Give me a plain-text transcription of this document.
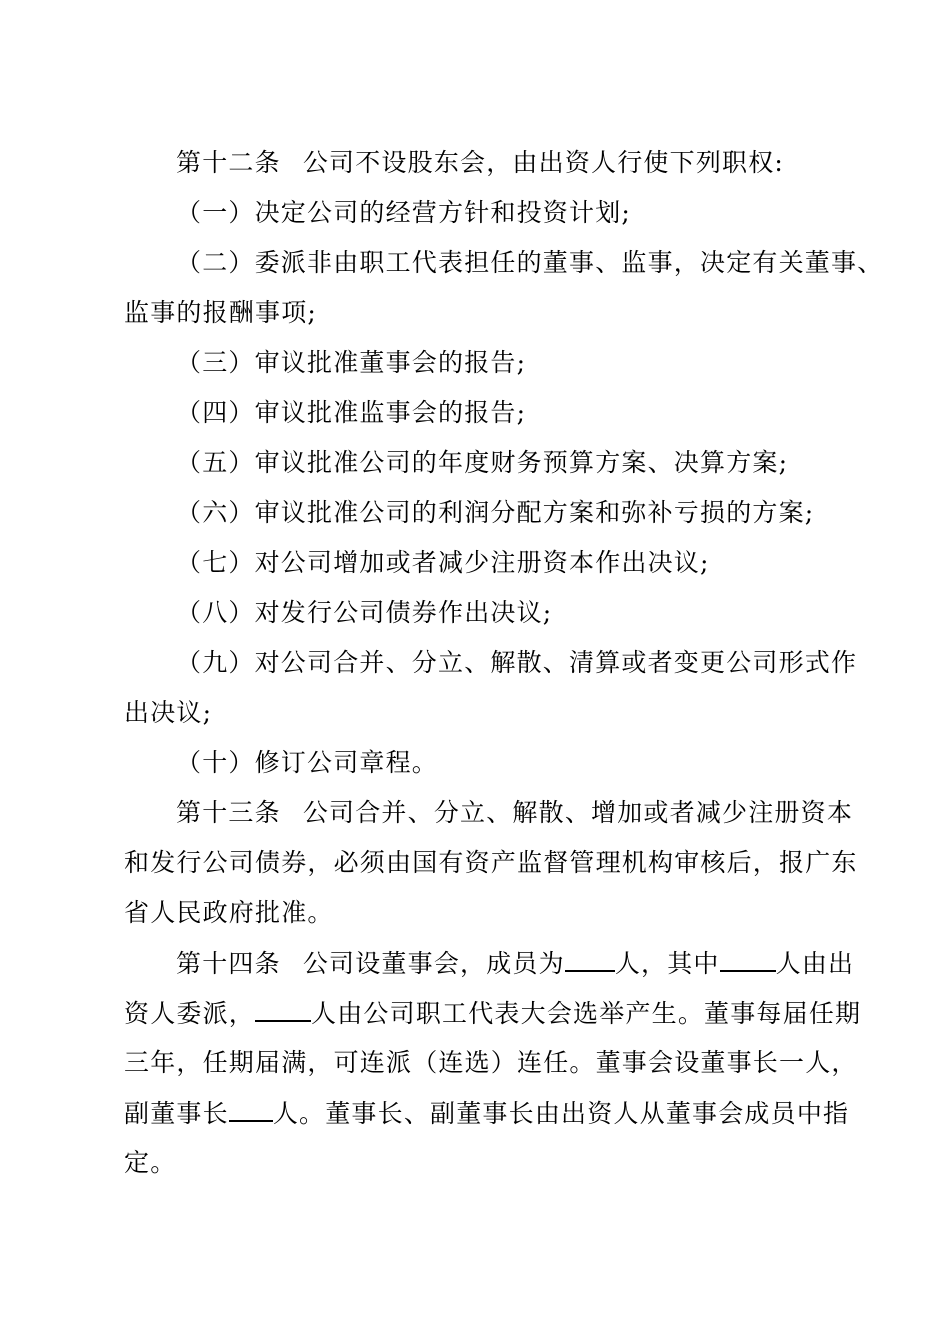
第十二条 公司不设股东会，由出资人行使下列职权:
（一）决定公司的经营方针和投资计划;
（二）委派非由职工代表担任的董事、监事，决定有关董事、
监事的报酬事项;
（三）审议批准董事会的报告;
（四）审议批准监事会的报告;
（五）审议批准公司的年度财务预算方案、决算方案;
（六）审议批准公司的利润分配方案和弥补亏损的方案;
（七）对公司增加或者减少注册资本作出决议;
（八）对发行公司债券作出决议;
（九）对公司合并、分立、解散、清算或者变更公司形式作
出决议;
（十）修订公司章程。
第十三条 公司合并、分立、解散、增加或者减少注册资本
和发行公司债券，必须由国有资产监督管理机构审核后，报广东
省人民政府批准。
第十四条 公司设董事会，成员为 人，其中 人由出
资人委派， 人由公司职工代表大会选举产生。董事每届任期
三年，任期届满，可连派（连选）连任。董事会设董事长一人，
副董事长 人。董事长、副董事长由出资人从董事会成员中指
定。
